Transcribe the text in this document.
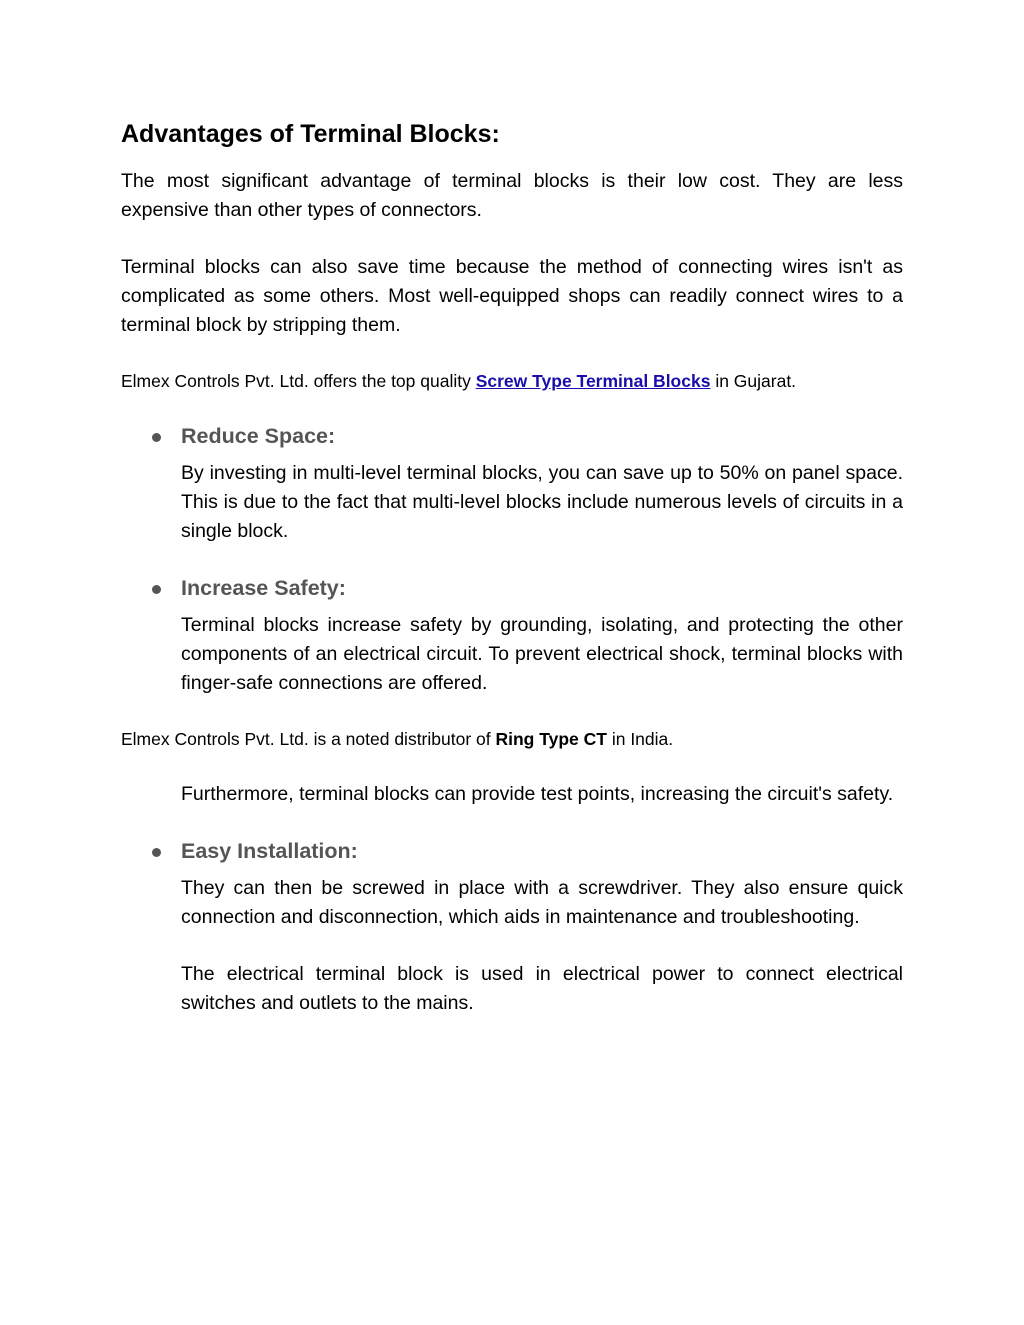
Advantages of Terminal Blocks:

The most significant advantage of terminal blocks is their low cost. They are less expensive than other types of connectors.

Terminal blocks can also save time because the method of connecting wires isn't as complicated as some others. Most well-equipped shops can readily connect wires to a terminal block by stripping them.

Elmex Controls Pvt. Ltd. offers the top quality Screw Type Terminal Blocks in Gujarat.

Reduce Space:

By investing in multi-level terminal blocks, you can save up to 50% on panel space. This is due to the fact that multi-level blocks include numerous levels of circuits in a single block.

Increase Safety:

Terminal blocks increase safety by grounding, isolating, and protecting the other components of an electrical circuit. To prevent electrical shock, terminal blocks with finger-safe connections are offered.

Elmex Controls Pvt. Ltd. is a noted distributor of Ring Type CT in India.

Furthermore, terminal blocks can provide test points, increasing the circuit's safety.

Easy Installation:

They can then be screwed in place with a screwdriver. They also ensure quick connection and disconnection, which aids in maintenance and troubleshooting.

The electrical terminal block is used in electrical power to connect electrical switches and outlets to the mains.
